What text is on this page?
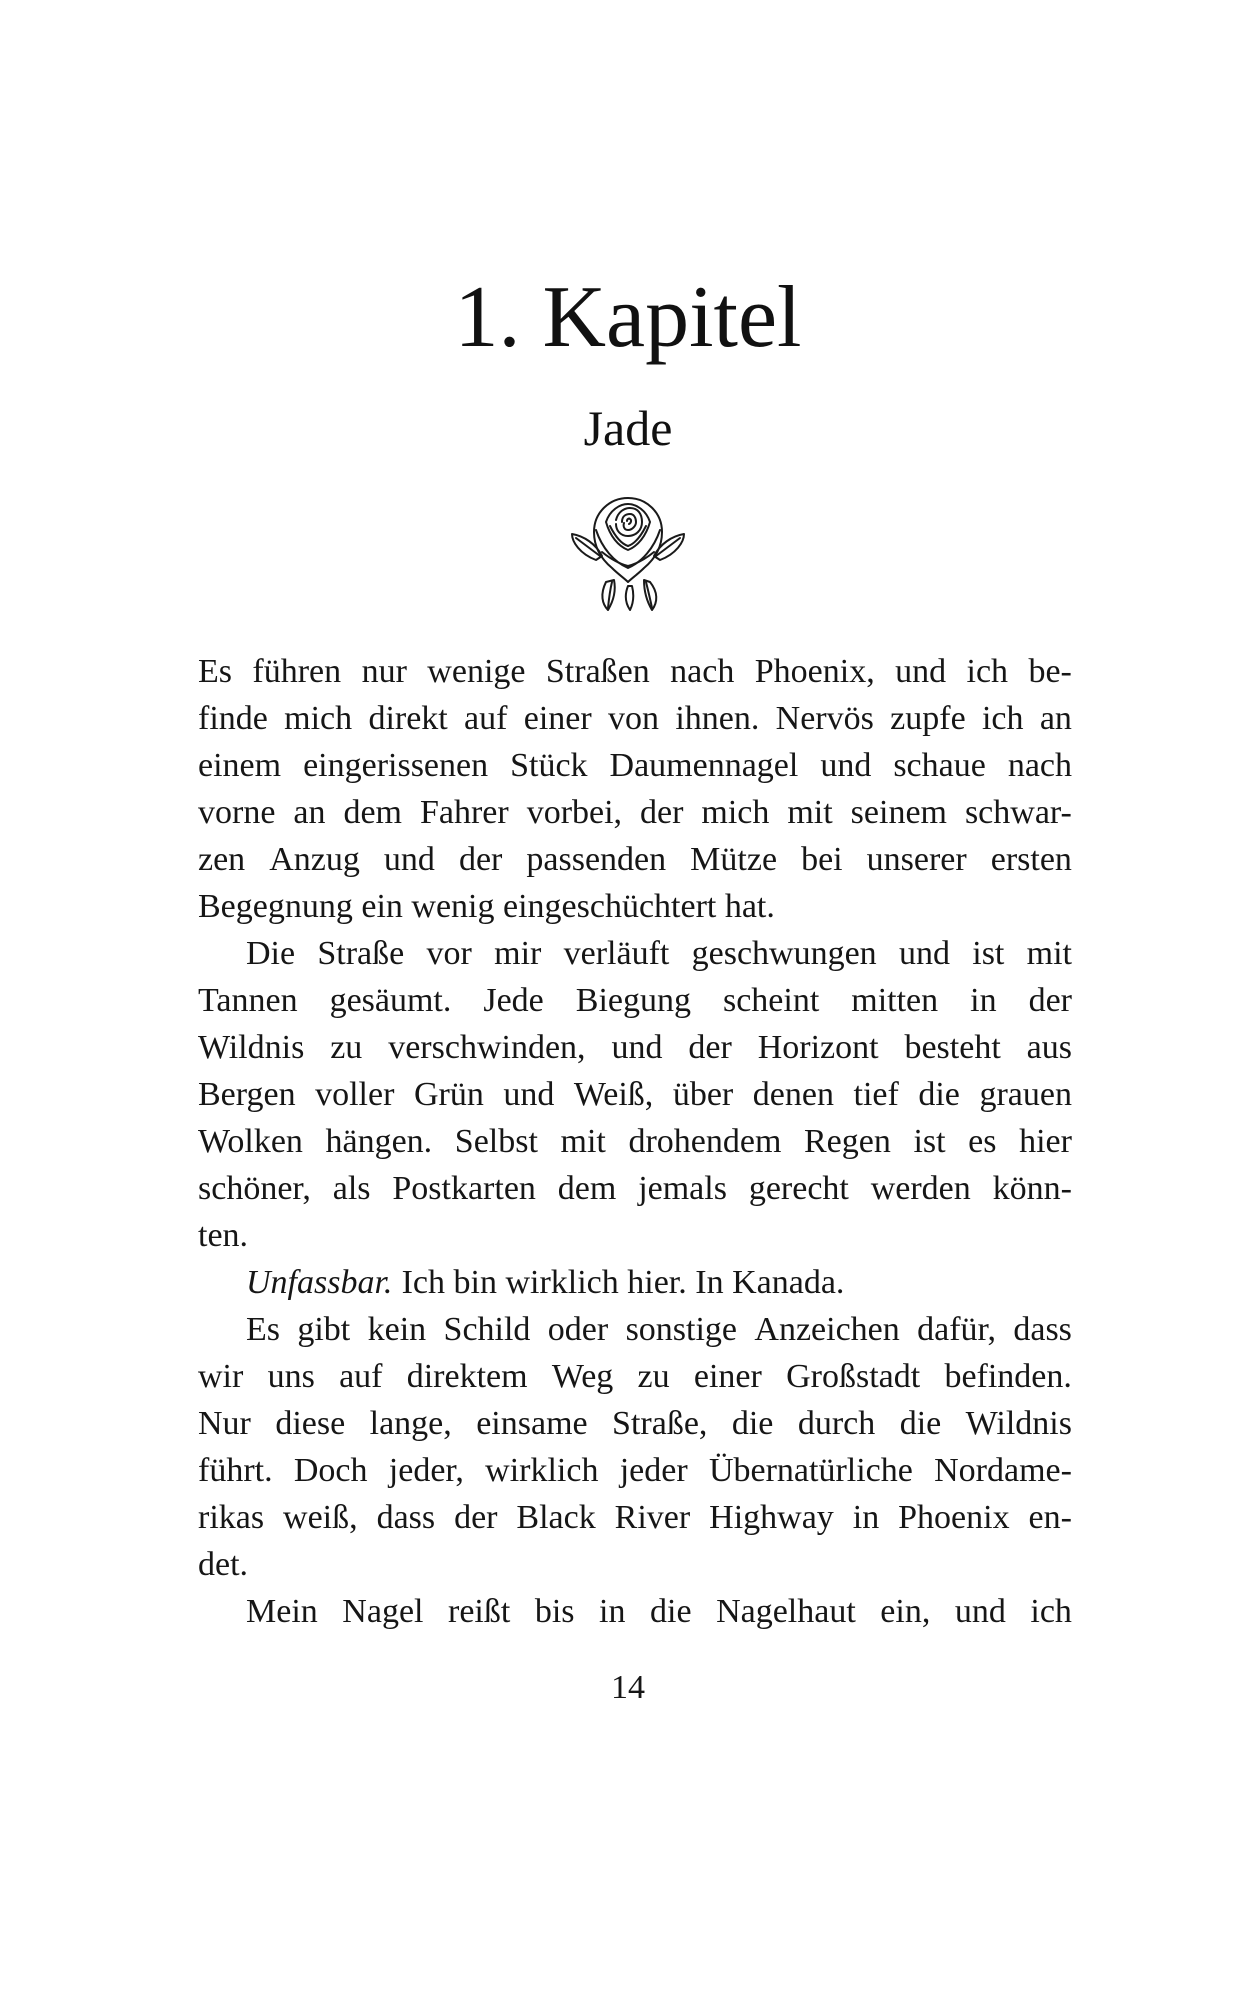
1. Kapitel
Jade
Es führen nur wenige Straßen nach Phoenix, und ich be-
finde mich direkt auf einer von ihnen. Nervös zupfe ich an
einem eingerissenen Stück Daumennagel und schaue nach
vorne an dem Fahrer vorbei, der mich mit seinem schwar-
zen Anzug und der passenden Mütze bei unserer ersten
Begegnung ein wenig eingeschüchtert hat.
Die Straße vor mir verläuft geschwungen und ist mit
Tannen gesäumt. Jede Biegung scheint mitten in der
Wildnis zu verschwinden, und der Horizont besteht aus
Bergen voller Grün und Weiß, über denen tief die grauen
Wolken hängen. Selbst mit drohendem Regen ist es hier
schöner, als Postkarten dem jemals gerecht werden könn-
ten.
Unfassbar. Ich bin wirklich hier. In Kanada.
Es gibt kein Schild oder sonstige Anzeichen dafür, dass
wir uns auf direktem Weg zu einer Großstadt befinden.
Nur diese lange, einsame Straße, die durch die Wildnis
führt. Doch jeder, wirklich jeder Übernatürliche Nordame-
rikas weiß, dass der Black River Highway in Phoenix en-
det.
Mein Nagel reißt bis in die Nagelhaut ein, und ich
14
